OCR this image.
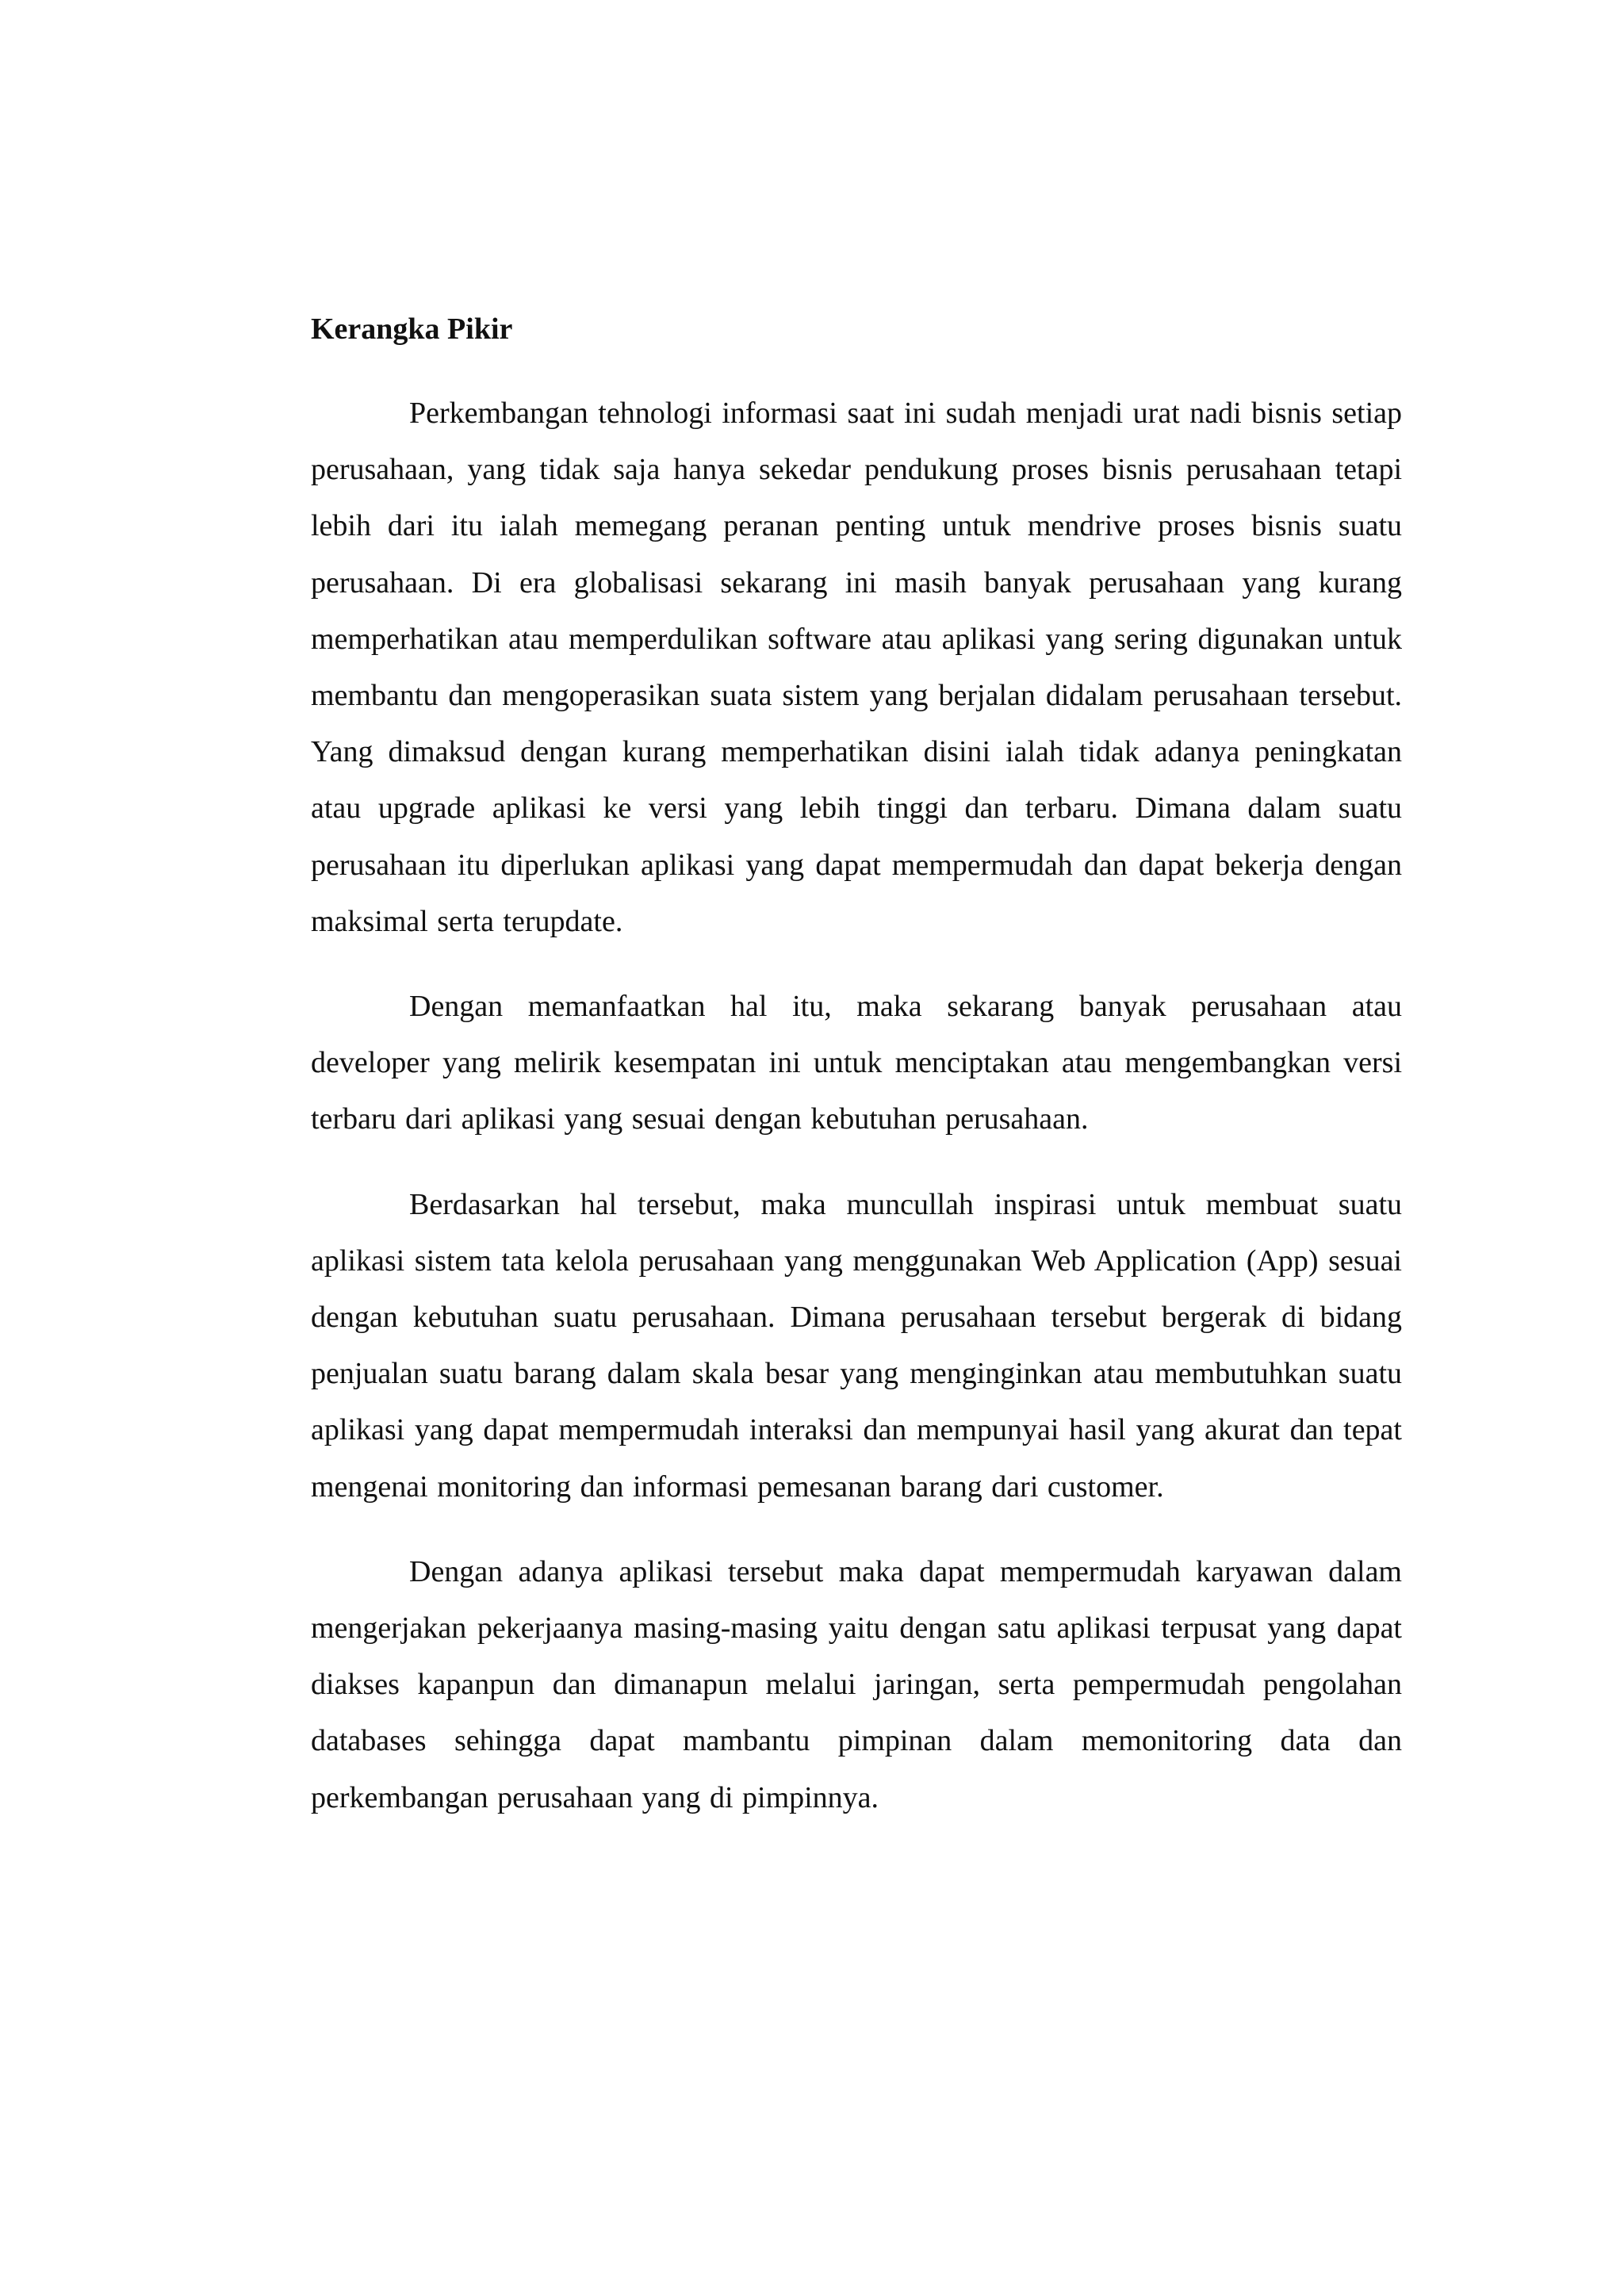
Kerangka Pikir

Perkembangan tehnologi informasi saat ini sudah menjadi urat nadi bisnis setiap perusahaan, yang tidak saja hanya sekedar pendukung proses bisnis perusahaan tetapi lebih dari itu ialah memegang peranan penting untuk mendrive proses bisnis suatu perusahaan. Di era globalisasi sekarang ini masih banyak perusahaan yang kurang memperhatikan atau memperdulikan software atau aplikasi yang sering digunakan untuk membantu dan mengoperasikan suata sistem yang berjalan didalam perusahaan tersebut. Yang dimaksud dengan kurang memperhatikan disini ialah tidak adanya peningkatan atau upgrade aplikasi ke versi yang lebih tinggi dan terbaru. Dimana dalam suatu perusahaan itu diperlukan aplikasi yang dapat mempermudah dan dapat bekerja dengan maksimal serta terupdate.

Dengan memanfaatkan hal itu, maka sekarang banyak perusahaan atau developer yang melirik kesempatan ini untuk menciptakan atau mengembangkan versi terbaru dari aplikasi yang sesuai dengan kebutuhan perusahaan.

Berdasarkan hal tersebut, maka muncullah inspirasi untuk membuat suatu aplikasi sistem tata kelola perusahaan yang menggunakan Web Application (App) sesuai dengan kebutuhan suatu perusahaan. Dimana perusahaan tersebut bergerak di bidang penjualan suatu barang dalam skala besar yang menginginkan atau membutuhkan suatu aplikasi yang dapat mempermudah interaksi dan mempunyai hasil yang akurat dan tepat mengenai monitoring dan informasi pemesanan barang dari customer.

Dengan adanya aplikasi tersebut maka dapat mempermudah karyawan dalam mengerjakan pekerjaanya masing-masing yaitu dengan satu aplikasi terpusat yang dapat diakses kapanpun dan dimanapun melalui jaringan, serta pempermudah pengolahan databases sehingga dapat mambantu pimpinan dalam memonitoring data dan perkembangan perusahaan yang di pimpinnya.
